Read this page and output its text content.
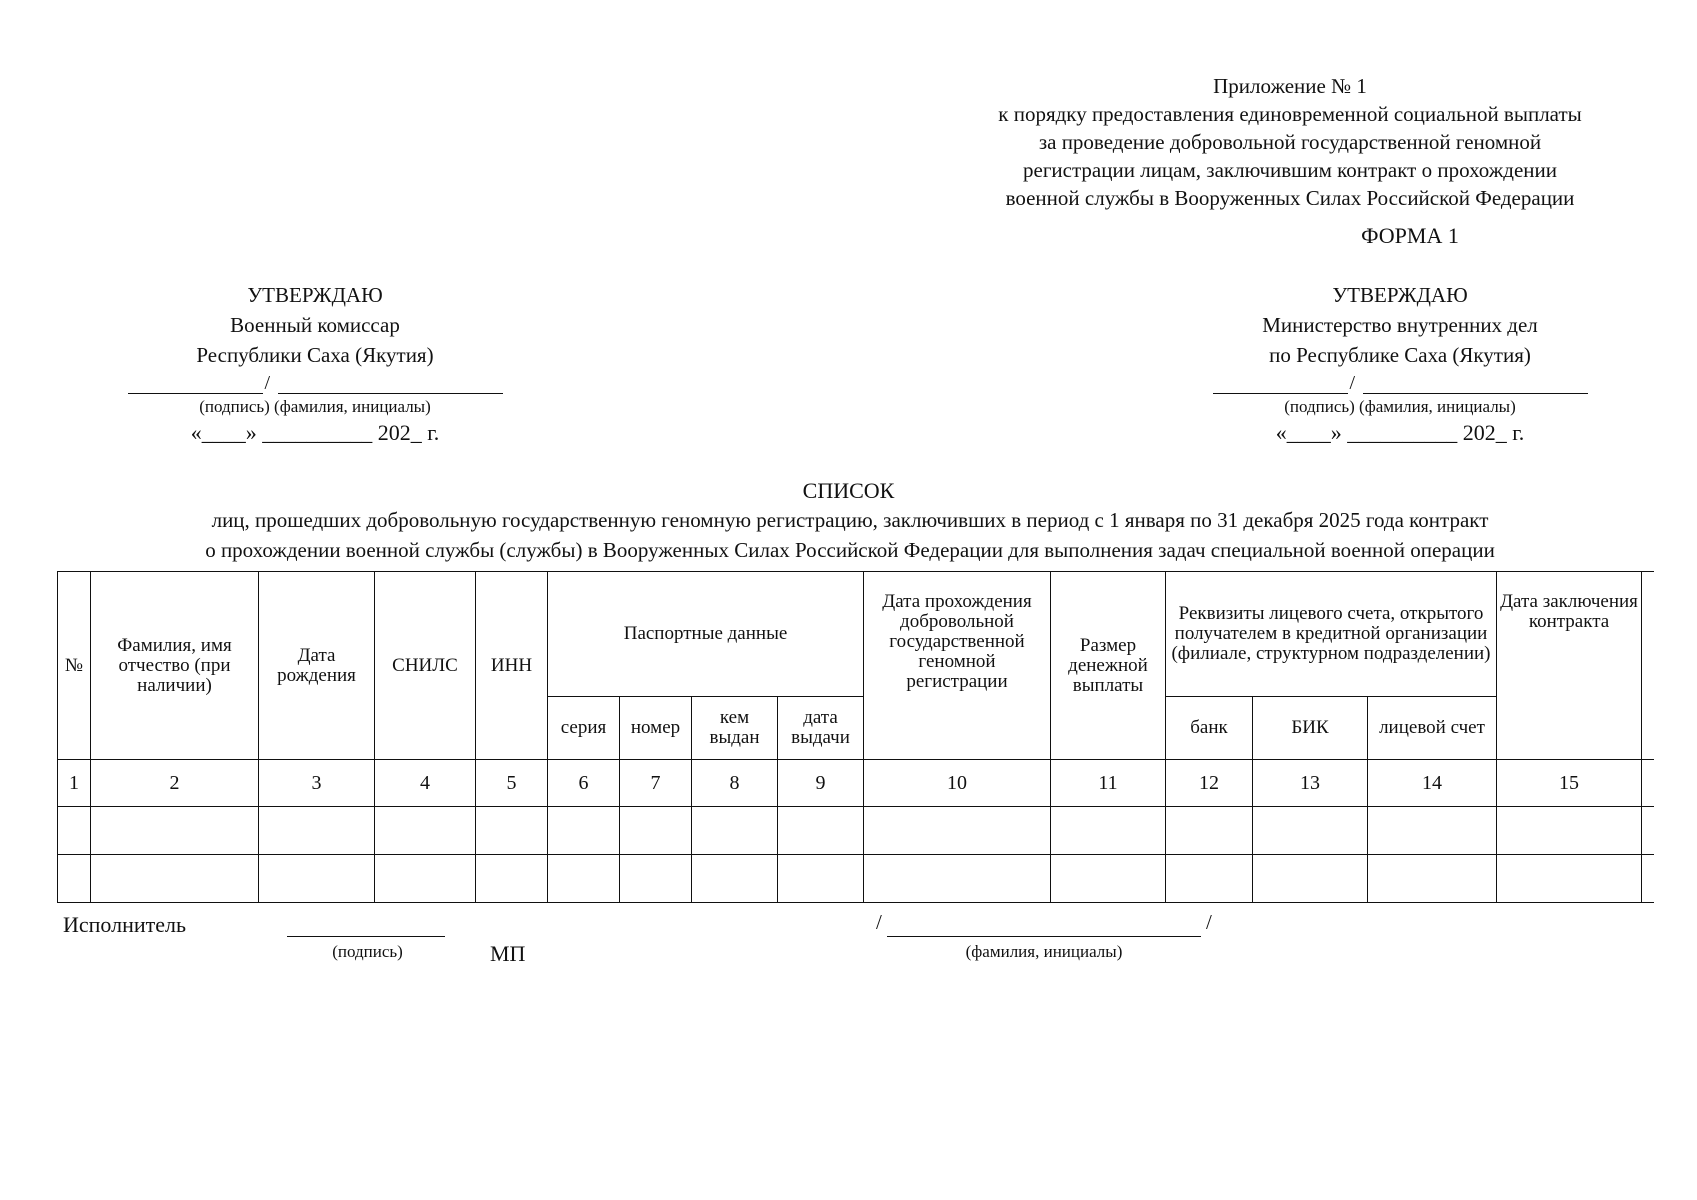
Приложение № 1
к порядку предоставления единовременной социальной выплаты
за проведение добровольной государственной геномной
регистрации лицам, заключившим контракт о прохождении
военной службы в Вооруженных Силах Российской Федерации
ФОРМА 1
УТВЕРЖДАЮ
Военный комиссар
Республики Саха (Якутия)
/
(подпись) (фамилия, инициалы)
«____» __________ 202_ г.
УТВЕРЖДАЮ
Министерство внутренних дел
по Республике Саха (Якутия)
/
(подпись) (фамилия, инициалы)
«____» __________ 202_ г.
СПИСОК
лиц, прошедших добровольную государственную геномную регистрацию, заключивших в период с 1 января по 31 декабря 2025 года контракт
о прохождении военной службы (службы) в Вооруженных Силах Российской Федерации для выполнения задач специальной военной операции
№	Фамилия, имя отчество (при наличии)	Дата рождения	СНИЛС	ИНН	Паспортные данные				Дата прохождения добровольной государственной геномной регистрации	Размер денежной выплаты	Реквизиты лицевого счета, открытого получателем в кредитной организации (филиале, структурном подразделении)			Дата заключения контракта	
					серия	номер	кем выдан	дата выдачи			банк	БИК	лицевой счет		
1	2	3	4	5	6	7	8	9	10	11	12	13	14	15	

Исполнитель
(подпись)	МП
/	/
(фамилия, инициалы)
